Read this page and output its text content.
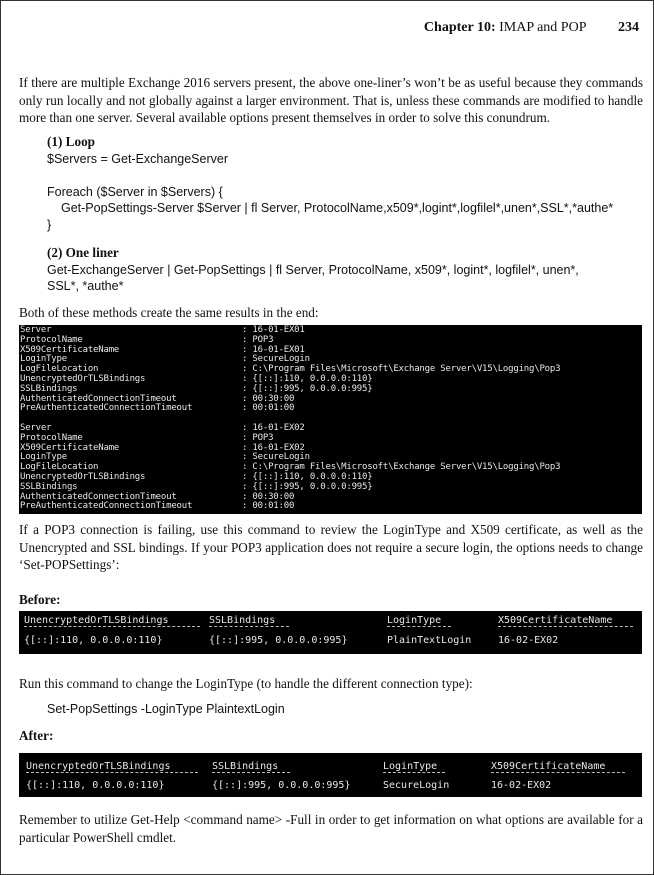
Chapter 10: IMAP and POP 234

If there are multiple Exchange 2016 servers present, the above one-liner’s won’t be as useful because they commands only run locally and not globally against a larger environment. That is, unless these commands are modified to handle more than one server. Several available options present themselves in order to solve this conundrum.

(1) Loop
$Servers = Get-ExchangeServer
Foreach ($Server in $Servers) {
Get-PopSettings-Server $Server | fl Server, ProtocolName,x509*,logint*,logfilel*,unen*,SSL*,*authe*
}
(2) One liner
Get-ExchangeServer | Get-PopSettings | fl Server, ProtocolName, x509*, logint*, logfilel*, unen*,
SSL*, *authe*

Both of these methods create the same results in the end:

Server	: 16-01-EX01
ProtocolName	: POP3
X509CertificateName	: 16-01-EX01
LoginType	: SecureLogin
LogFileLocation	: C:\Program Files\Microsoft\Exchange Server\V15\Logging\Pop3
UnencryptedOrTLSBindings	: {[::]:110, 0.0.0.0:110}
SSLBindings	: {[::]:995, 0.0.0.0:995}
AuthenticatedConnectionTimeout	: 00:30:00
PreAuthenticatedConnectionTimeout	: 00:01:00
Server	: 16-01-EX02
ProtocolName	: POP3
X509CertificateName	: 16-01-EX02
LoginType	: SecureLogin
LogFileLocation	: C:\Program Files\Microsoft\Exchange Server\V15\Logging\Pop3
UnencryptedOrTLSBindings	: {[::]:110, 0.0.0.0:110}
SSLBindings	: {[::]:995, 0.0.0.0:995}
AuthenticatedConnectionTimeout	: 00:30:00
PreAuthenticatedConnectionTimeout	: 00:01:00

If a POP3 connection is failing, use this command to review the LoginType and X509 certificate, as well as the Unencrypted and SSL bindings. If your POP3 application does not require a secure login, the options needs to change ‘Set-POPSettings’:

Before:
UnencryptedOrTLSBindings	SSLBindings	LoginType	X509CertificateName
{[::]:110, 0.0.0.0:110}	{[::]:995, 0.0.0.0:995}	PlainTextLogin	16-02-EX02

Run this command to change the LoginType (to handle the different connection type):

Set-PopSettings -LoginType PlaintextLogin
After:
UnencryptedOrTLSBindings	SSLBindings	LoginType	X509CertificateName
{[::]:110, 0.0.0.0:110}	{[::]:995, 0.0.0.0:995}	SecureLogin	16-02-EX02

Remember to utilize Get-Help <command name> -Full in order to get information on what options are available for a particular PowerShell cmdlet.
